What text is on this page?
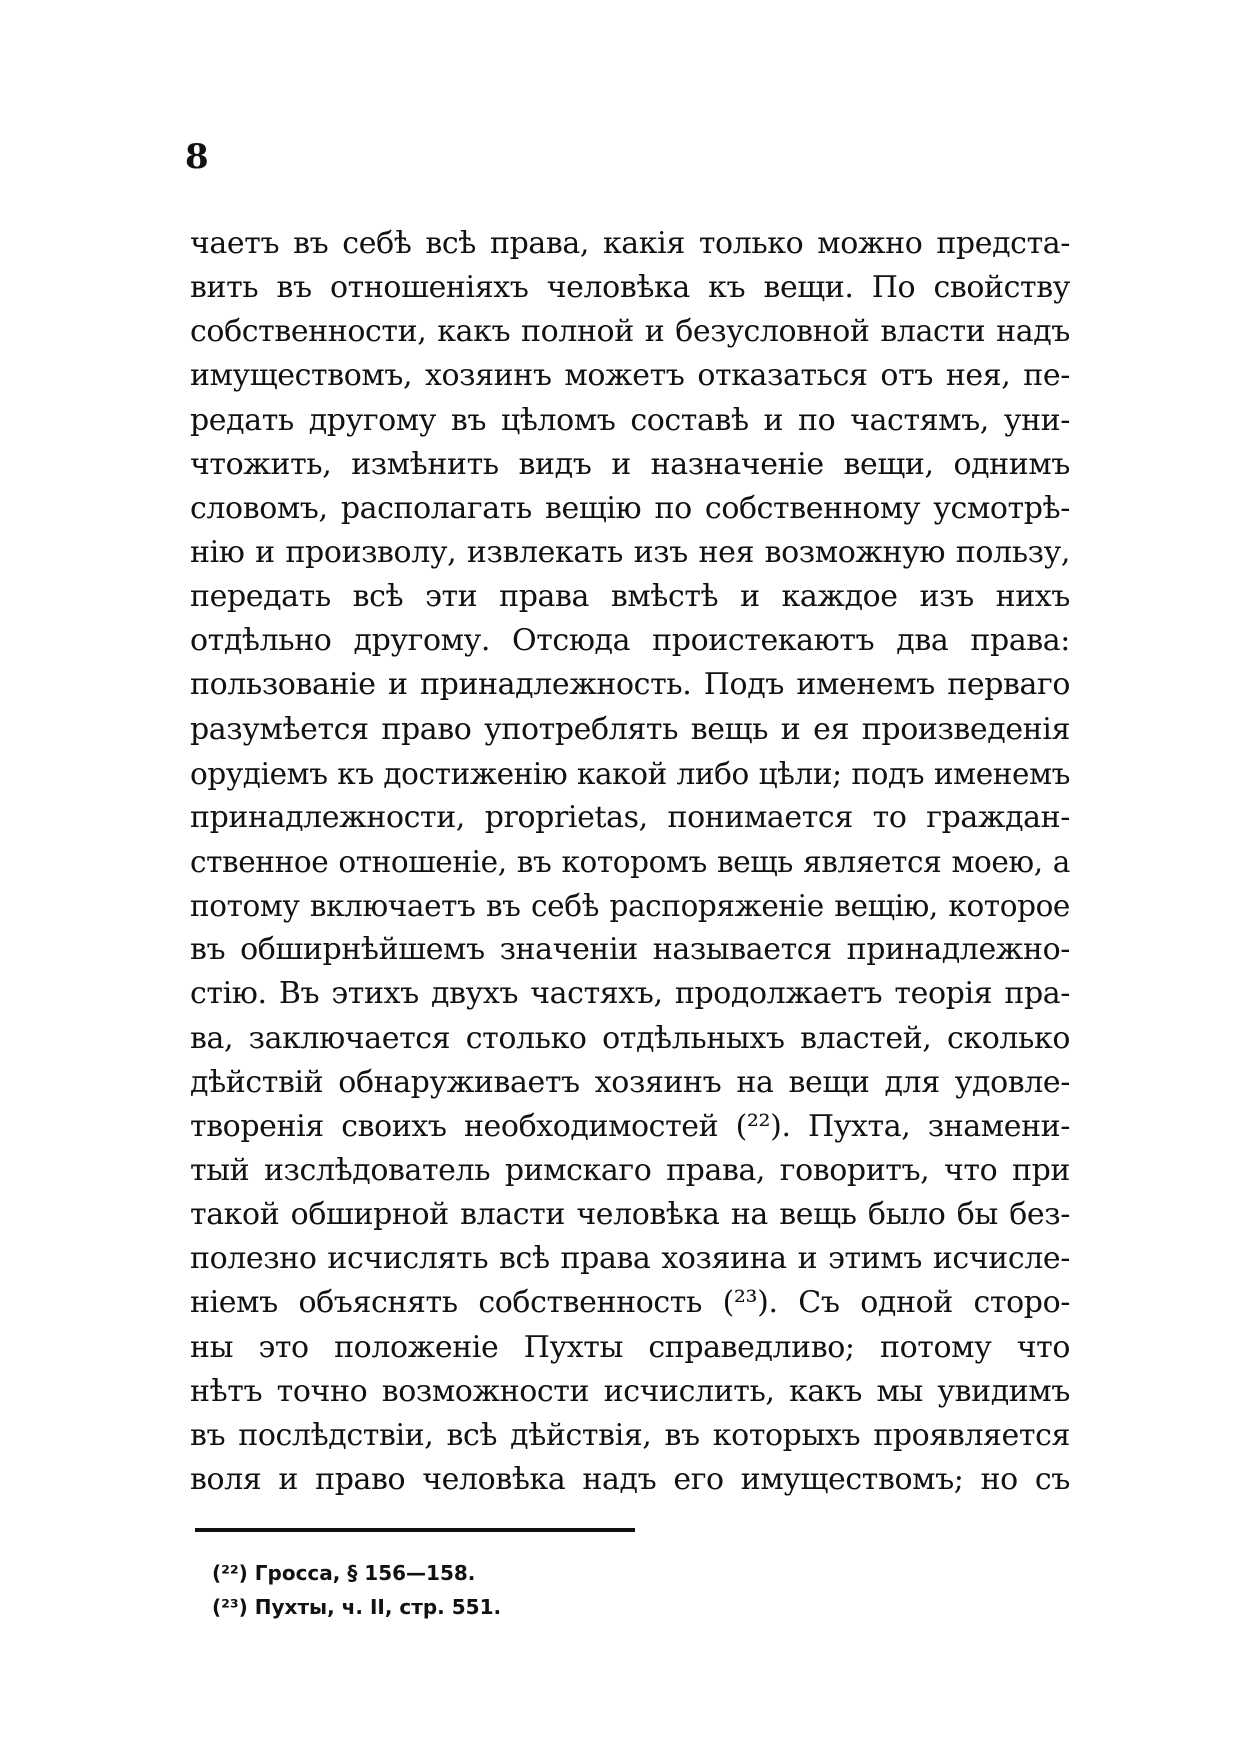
8
чаетъ въ себѣ всѣ права, какія только можно предста-
вить въ отношеніяхъ человѣка къ вещи. По свойству
собственности, какъ полной и безусловной власти надъ
имуществомъ, хозяинъ можетъ отказаться отъ нея, пе-
редать другому въ цѣломъ составѣ и по частямъ, уни-
чтожить, измѣнить видъ и назначеніе вещи, однимъ
словомъ, располагать вещію по собственному усмотрѣ-
нію и произволу, извлекать изъ нея возможную пользу,
передать всѣ эти права вмѣстѣ и каждое изъ нихъ
отдѣльно другому. Отсюда проистекаютъ два права:
пользованіе и принадлежность. Подъ именемъ перваго
разумѣется право употреблять вещь и ея произведенія
орудіемъ къ достиженію какой либо цѣли; подъ именемъ
принадлежности, proprietas, понимается то граждан-
ственное отношеніе, въ которомъ вещь является моею, а
потому включаетъ въ себѣ распоряженіе вещію, которое
въ обширнѣйшемъ значеніи называется принадлежно-
стію. Въ этихъ двухъ частяхъ, продолжаетъ теорія пра-
ва, заключается столько отдѣльныхъ властей, сколько
дѣйствій обнаруживаетъ хозяинъ на вещи для удовле-
творенія своихъ необходимостей (²²). Пухта, знамени-
тый изслѣдователь римскаго права, говоритъ, что при
такой обширной власти человѣка на вещь было бы без-
полезно исчислять всѣ права хозяина и этимъ исчисле-
ніемъ объяснять собственность (²³). Съ одной сторо-
ны это положеніе Пухты справедливо; потому что
нѣтъ точно возможности исчислить, какъ мы увидимъ
въ послѣдствіи, всѣ дѣйствія, въ которыхъ проявляется
воля и право человѣка надъ его имуществомъ; но съ
(²²) Гросса, § 156—158.
(²³) Пухты, ч. II, стр. 551.
